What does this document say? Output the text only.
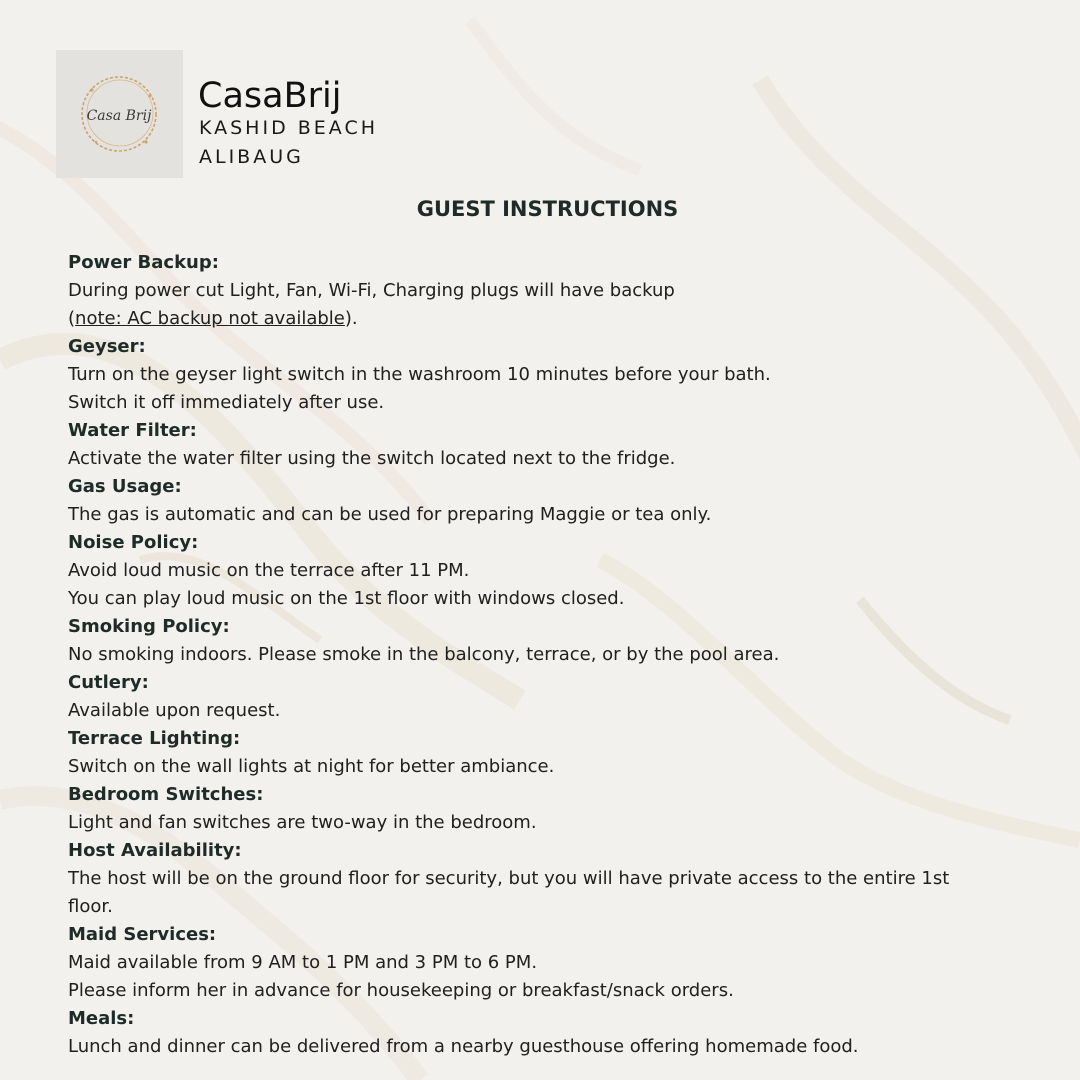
Casa Brij CasaBrij
KASHID BEACH
ALIBAUG
GUEST INSTRUCTIONS
Power Backup:
During power cut Light, Fan, Wi-Fi, Charging plugs will have backup
(note: AC backup not available).
Geyser:
Turn on the geyser light switch in the washroom 10 minutes before your bath.
Switch it off immediately after use.
Water Filter:
Activate the water filter using the switch located next to the fridge.
Gas Usage:
The gas is automatic and can be used for preparing Maggie or tea only.
Noise Policy:
Avoid loud music on the terrace after 11 PM.
You can play loud music on the 1st floor with windows closed.
Smoking Policy:
No smoking indoors. Please smoke in the balcony, terrace, or by the pool area.
Cutlery:
Available upon request.
Terrace Lighting:
Switch on the wall lights at night for better ambiance.
Bedroom Switches:
Light and fan switches are two-way in the bedroom.
Host Availability:
The host will be on the ground floor for security, but you will have private access to the entire 1st
floor.
Maid Services:
Maid available from 9 AM to 1 PM and 3 PM to 6 PM.
Please inform her in advance for housekeeping or breakfast/snack orders.
Meals:
Lunch and dinner can be delivered from a nearby guesthouse offering homemade food.
